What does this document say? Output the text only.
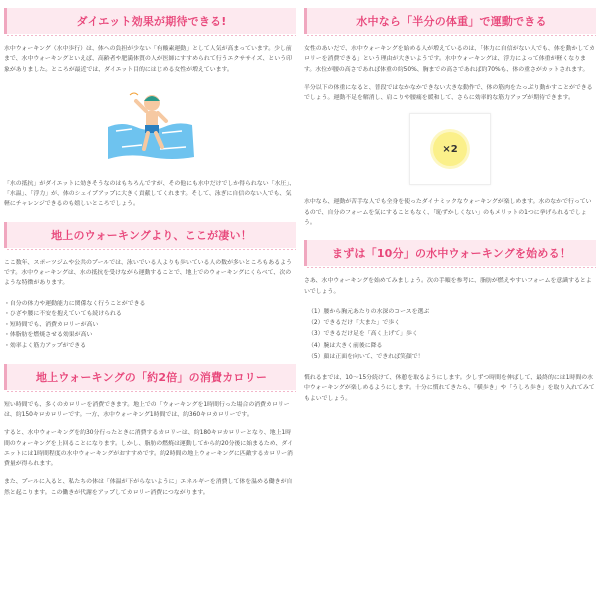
ダイエット効果が期待できる!

水中ウォーキング（水中歩行）は、体への負担が少ない「有酸素運動」として人気が高まっています。少し前まで、水中ウォーキングといえば、高齢者や肥満体質の人が医師にすすめられて行うエクササイズ、という印象がありました。ところが最近では、ダイエット目的にはじめる女性が増えています。

「水の抵抗」がダイエットに効きそうなのはもちろんですが、その他にも水中だけでしか得られない「水圧」、「水温」、「浮力」が、体のシェイプアップに大きく貢献してくれます。そして、泳ぎに自信のない人でも、気軽にチャレンジできるのも嬉しいところでしょう。

地上のウォーキングより、ここが凄い！

ここ数年、スポーツジムや公共のプールでは、泳いでいる人よりも歩いている人の数が多いところもあるようです。水中ウォーキングは、水の抵抗を受けながら運動することで、地上でのウォーキングにくらべて、次のような特徴があります。

・自分の体力や運動能力に関係なく行うことができる
・ひざや腰に不安を抱えていても続けられる
・短時間でも、消費カロリーが高い
・体脂肪を燃焼させる効果が高い
・効率よく筋力アップができる
地上ウォーキングの「約2倍」の消費カロリー

短い時間でも、多くのカロリーを消費できます。地上での「ウォーキングを1時間行った場合の消費カロリーは、約150キロカロリーです。一方、水中ウォーキング1時間では、約360キロカロリーです。

すると、水中ウォーキングを約30分行ったときに消費するカロリーは、約180キロカロリーとなり、地上1時間のウォーキングを上回ることになります。しかし、脂肪の燃焼は運動してから約20分後に始まるため、ダイエットには1時間程度の水中ウォーキングがおすすめです。約2時間の地上ウォーキングに匹敵するカロリー消費量が得られます。

また、プールに入ると、私たちの体は「体温が下がらないように」エネルギーを消費して体を温める働きが自然と起こります。この働きが代謝をアップしてカロリー消費につながります。

水中なら「半分の体重」で運動できる

女性のあいだで、水中ウォーキングを始める人が増えているのは、「体力に自信がない人でも、体を動かしてカロリーを消費できる」という理由が大きいようです。水中ウォーキングは、浮力によって体重が軽くなります。水位が腰の高さであれば体重の約50%、胸までの高さであれば約70%も、体の重さがカットされます。

半分以下の体重になると、普段ではなかなかできない大きな動作で、体の筋肉をたっぷり動かすことができるでしょう。運動不足を解消し、肩こりや腰痛を緩和して、さらに効率的な筋力アップが期待できます。

×2

水中なら、運動が苦手な人でも全身を使ったダイナミックなウォーキングが楽しめます。水のなかで行っているので、自分のフォームを気にすることもなく、「恥ずかしくない」のもメリットの1つに挙げられるでしょう。

まずは「10分」の水中ウォーキングを始める！

さあ、水中ウォーキングを始めてみましょう。次の手順を参考に、脂肪が燃えやすいフォームを意識するとよいでしょう。

（1）腰から胸元あたりの水深のコースを選ぶ
（2）できるだけ「大また」で歩く
（3）できるだけ足を「高く上げて」歩く
（4）腕は大きく前後に降る
（5）顔は正面を向いて、できれば笑顔で！

慣れるまでは、10〜15分続けて、休憩を取るようにします。少しずつ時間を伸ばして、最終的には1時間の水中ウォーキングが楽しめるようにします。十分に慣れてきたら、「横歩き」や「うしろ歩き」を取り入れてみてもよいでしょう。
